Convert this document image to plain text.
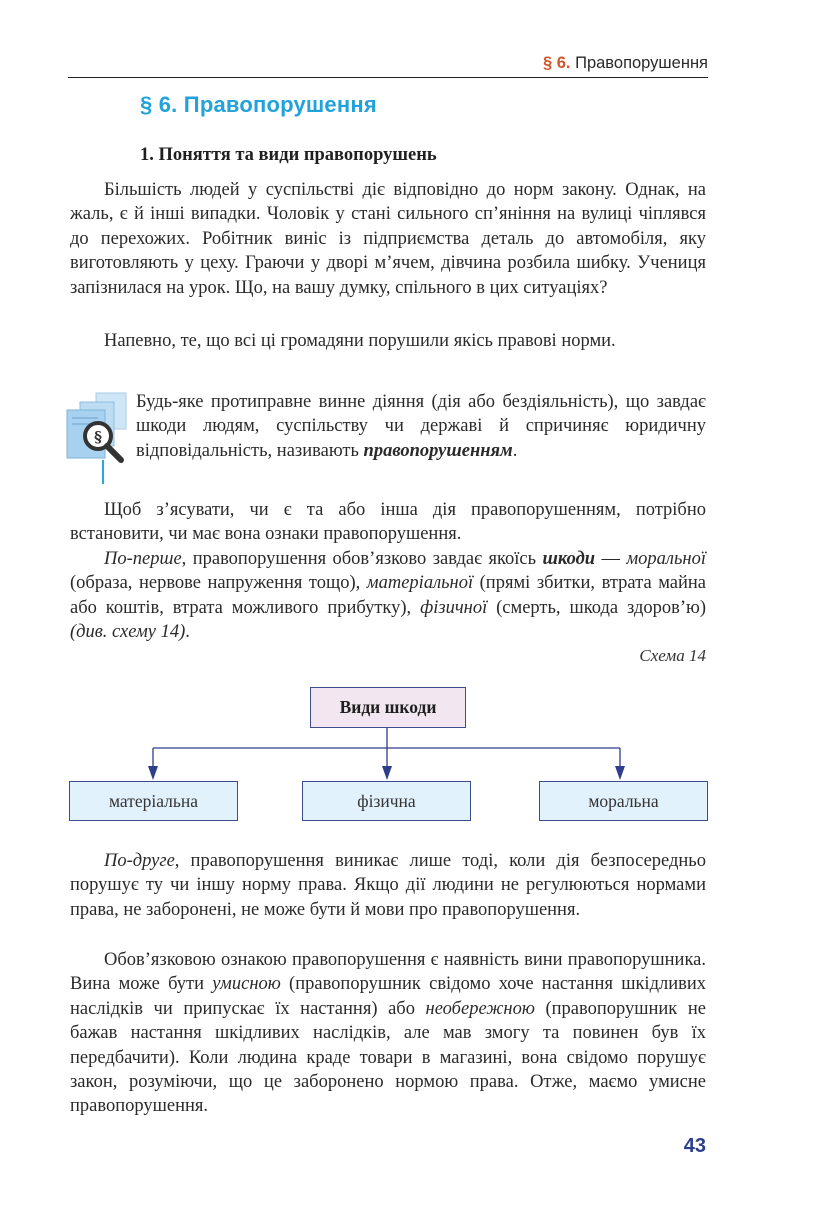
§ 6. Правопорушення
§ 6. Правопорушення
1. Поняття та види правопорушень

Більшість людей у суспільстві діє відповідно до норм закону. Однак, на жаль, є й інші випадки. Чоловік у стані сильного сп’яніння на вулиці чіплявся до перехожих. Робітник виніс із підприємства деталь до автомобіля, яку виготовляють у цеху. Граючи у дворі м’ячем, дівчина розбила шибку. Учениця запізнилася на урок. Що, на вашу думку, спільного в цих ситуаціях?

Напевно, те, що всі ці громадяни порушили якісь правові норми.

§

Будь-яке протиправне винне діяння (дія або бездіяльність), що завдає шкоди людям, суспільству чи державі й спричиняє юридичну відповідальність, називають правопорушенням.

Щоб з’ясувати, чи є та або інша дія правопорушенням, потрібно встановити, чи має вона ознаки правопорушення.

По-перше, правопорушення обов’язково завдає якоїсь шкоди — моральної (образа, нервове напруження тощо), матеріальної (прямі збитки, втрата майна або коштів, втрата можливого прибутку), фізичної (смерть, шкода здоров’ю) (див. схему 14).

Схема 14

Види шкоди
матеріальна	фізична	моральна

По-друге, правопорушення виникає лише тоді, коли дія безпосередньо порушує ту чи іншу норму права. Якщо дії людини не регулюються нормами права, не заборонені, не може бути й мови про правопорушення.

Обов’язковою ознакою правопорушення є наявність вини правопорушника. Вина може бути умисною (правопорушник свідомо хоче настання шкідливих наслідків чи припускає їх настання) або необережною (правопорушник не бажав настання шкідливих наслідків, але мав змогу та повинен був їх передбачити). Коли людина краде товари в магазині, вона свідомо порушує закон, розуміючи, що це заборонено нормою права. Отже, маємо умисне правопорушення.

43
